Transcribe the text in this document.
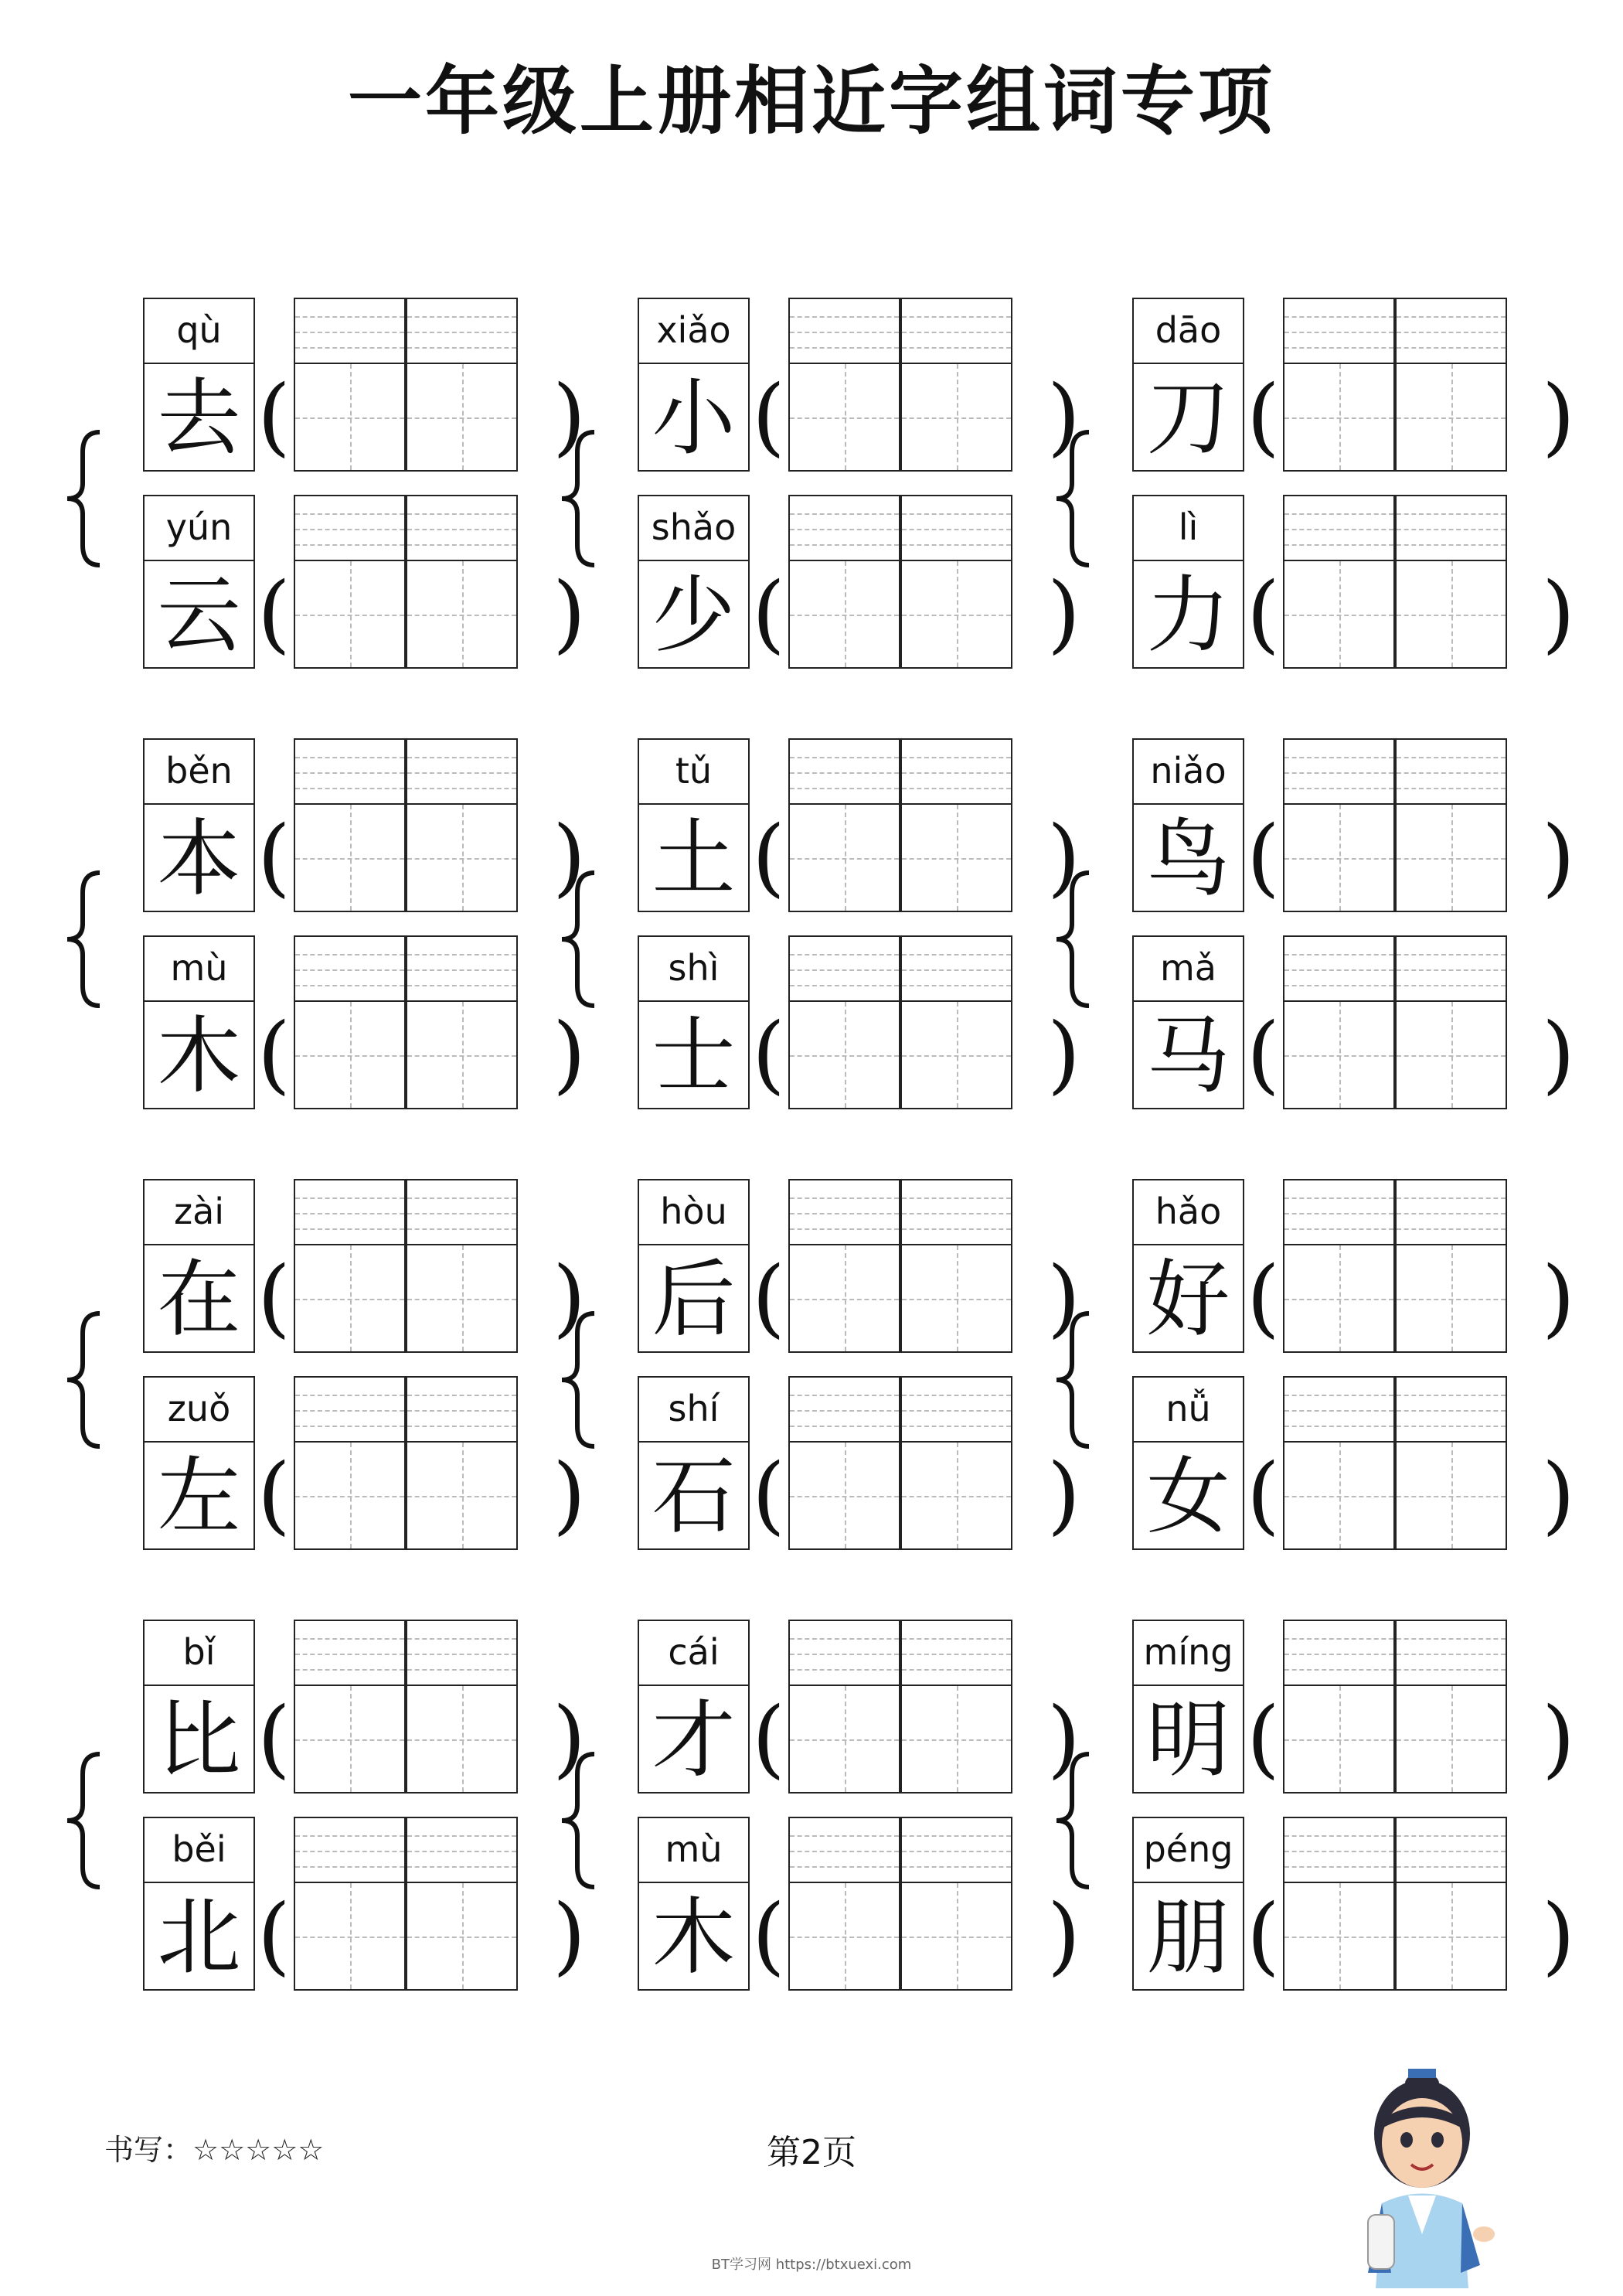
一年级上册相近字组词专项
qù
去 (	)
yún
云 (	)
xiǎo
小 (	)
shǎo
少 (	)
dāo
刀 (	)
lì
力 (	)
běn
本 (	)
mù
木 (	)
tǔ
土 (	)
shì
士 (	)
niǎo
鸟 (	)
mǎ
马 (	)
zài
在 (	)
zuǒ
左 (	)
hòu
后 (	)
shí
石 (	)
hǎo
好 (	)
nǚ
女 (	)
bǐ
比 (	)
běi
北 (	)
cái
才 (	)
mù
木 (	)
míng
明 (	)
péng
朋 (	)
书写：☆☆☆☆☆	第2页
BT学习网 https://btxuexi.com
